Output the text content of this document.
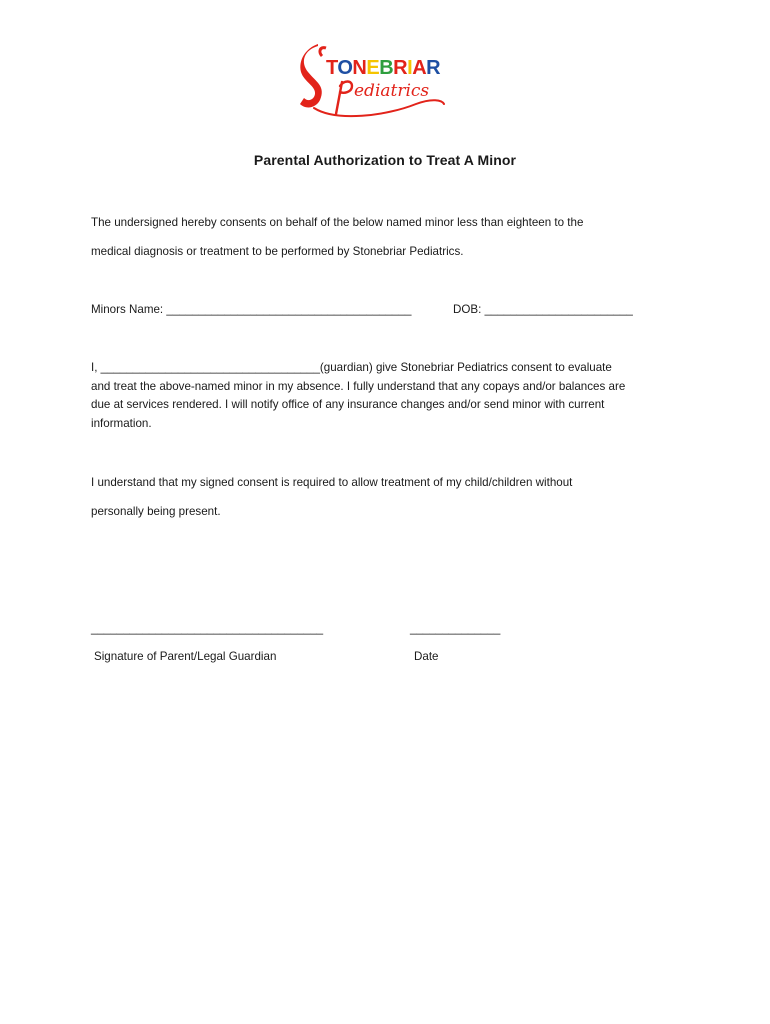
TONEBRIAR
ediatrics
Parental Authorization to Treat A Minor
The undersigned hereby consents on behalf of the below named minor less than eighteen to the
medical diagnosis or treatment to be performed by Stonebriar Pediatrics.
Minors Name: ______________________________________	DOB: _______________________
I, __________________________________(guardian) give Stonebriar Pediatrics consent to evaluate
and treat the above-named minor in my absence. I fully understand that any copays and/or balances are
due at services rendered. I will notify office of any insurance changes and/or send minor with current
information.
I understand that my signed consent is required to allow treatment of my child/children without
personally being present.
____________________________________	______________
Signature of Parent/Legal Guardian	Date
